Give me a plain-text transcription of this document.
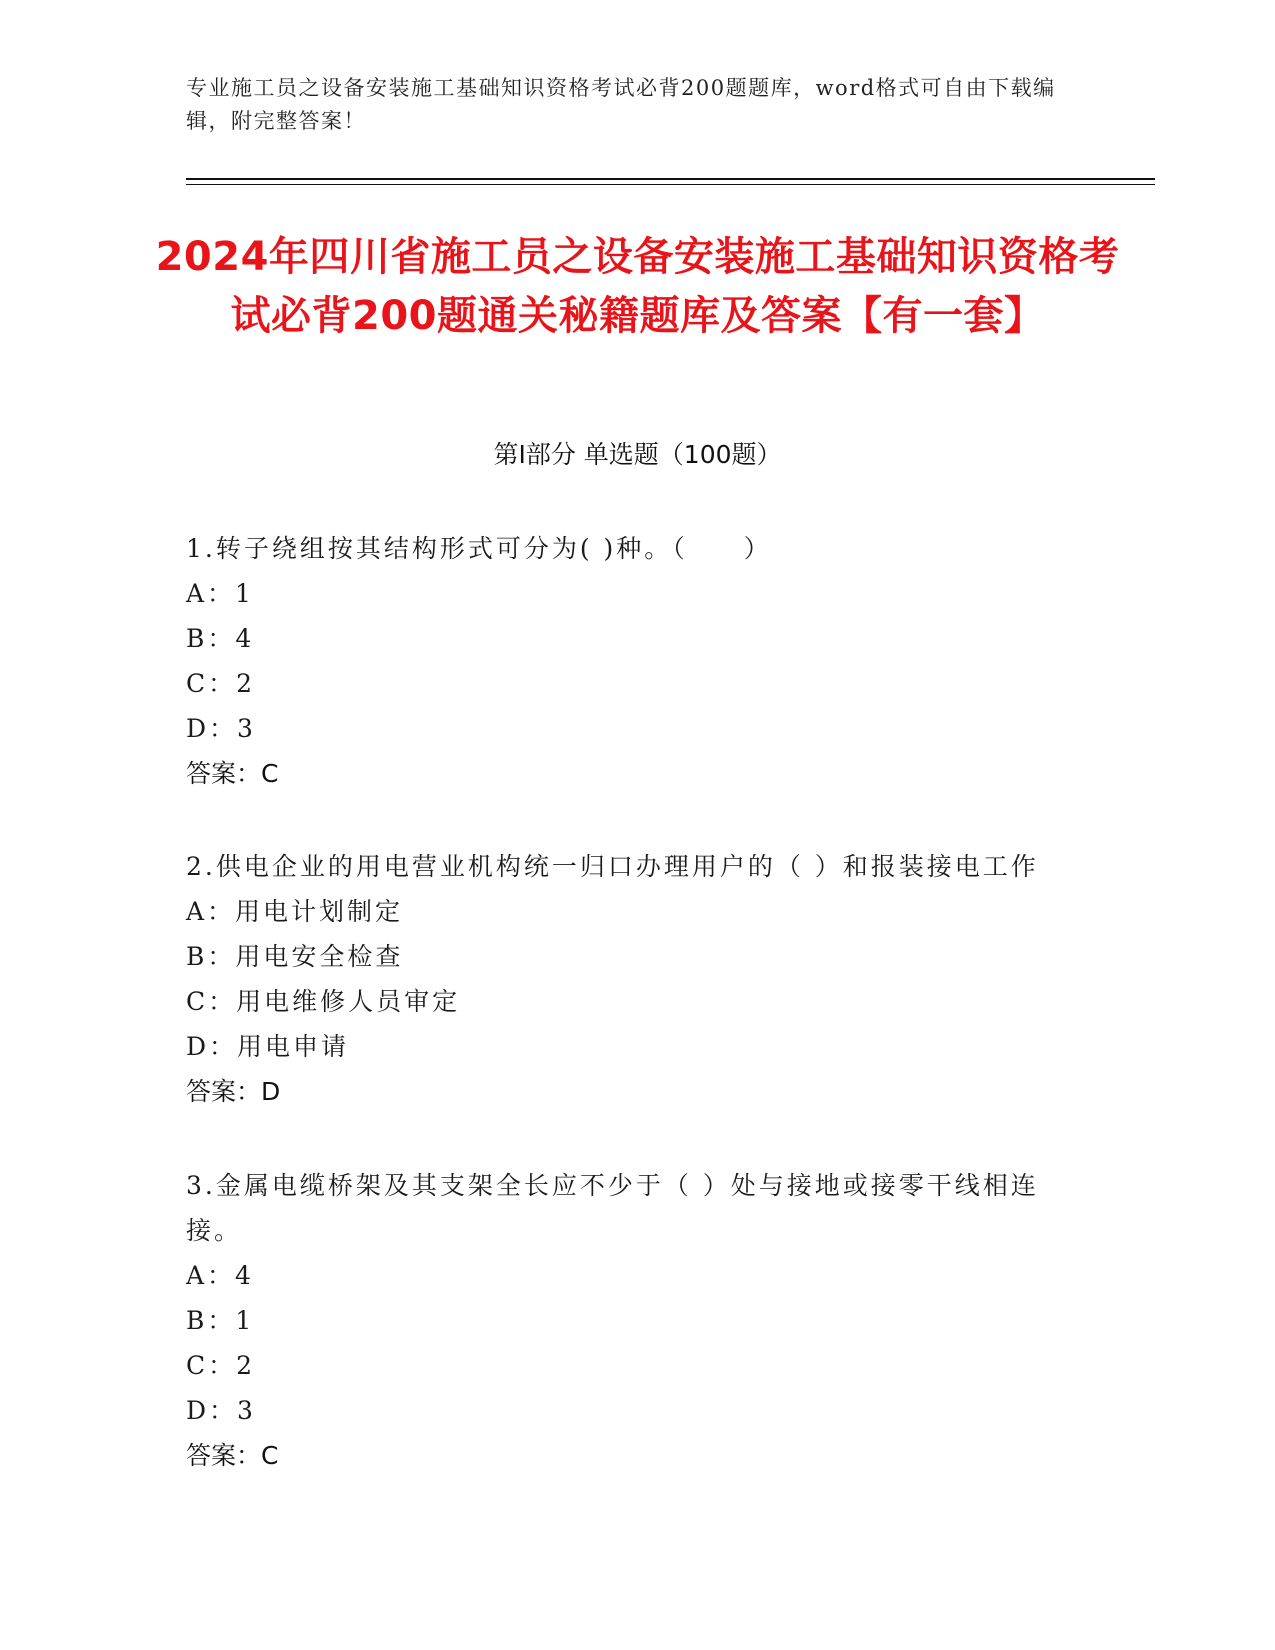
专业施工员之设备安装施工基础知识资格考试必背200题题库，word格式可自由下载编辑，附完整答案！
2024年四川省施工员之设备安装施工基础知识资格考试必背200题通关秘籍题库及答案【有一套】
第I部分 单选题（100题）
1.转子绕组按其结构形式可分为( )种。（　　）
A：1
B：4
C：2
D：3
答案：C
2.供电企业的用电营业机构统一归口办理用户的（ ）和报装接电工作
A：用电计划制定
B：用电安全检查
C：用电维修人员审定
D：用电申请
答案：D
3.金属电缆桥架及其支架全长应不少于（ ）处与接地或接零干线相连接。
A：4
B：1
C：2
D：3
答案：C
